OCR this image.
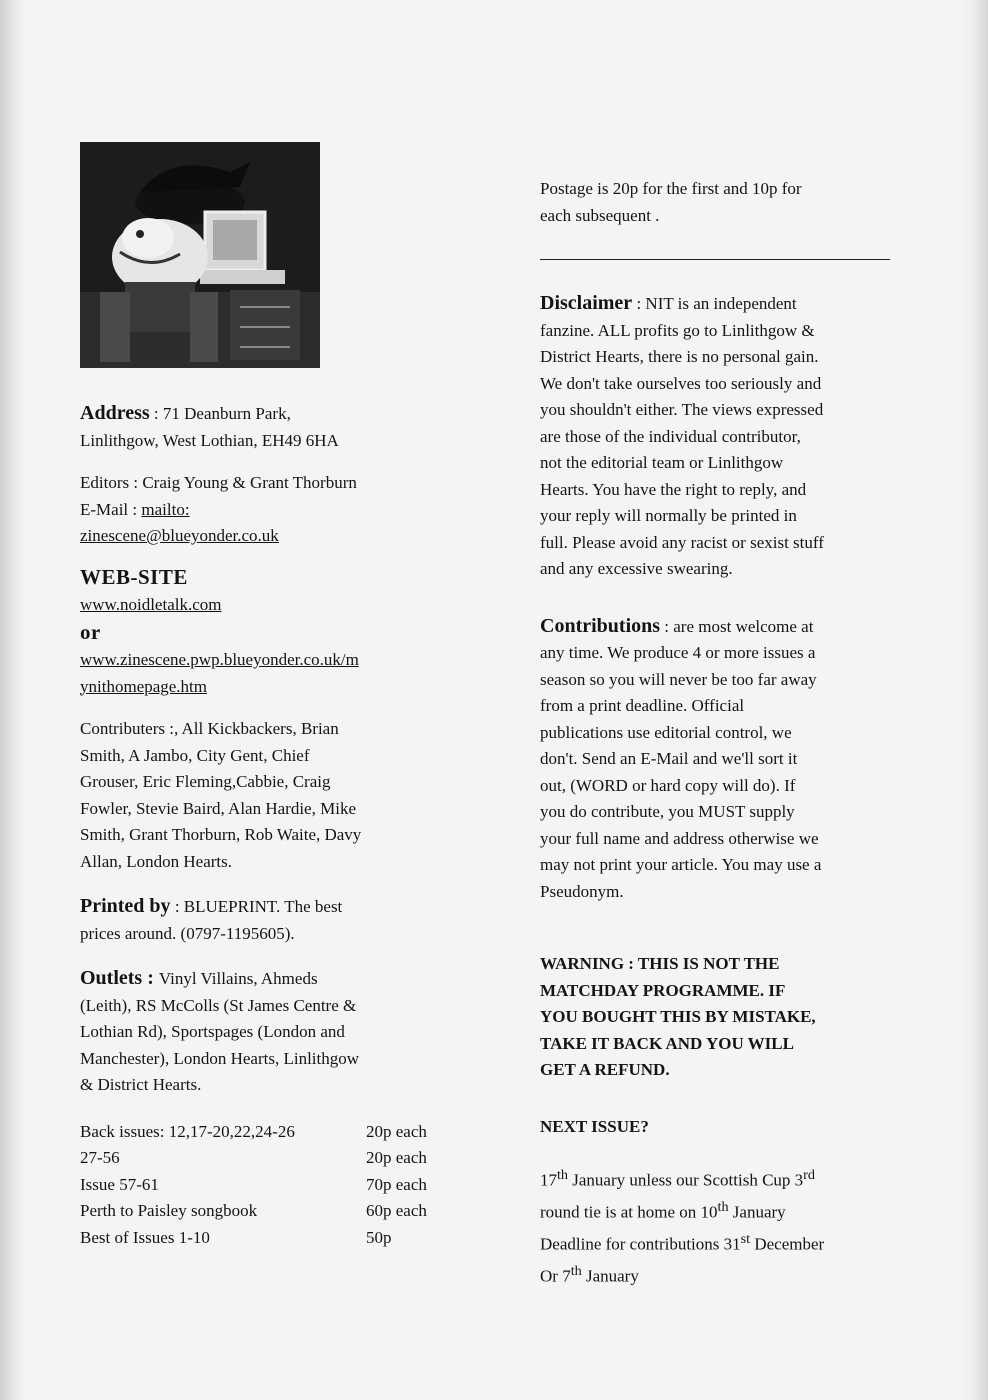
Address : 71 Deanburn Park,
Linlithgow, West Lothian, EH49 6HA

Editors : Craig Young & Grant Thorburn
E-Mail : mailto:
zinescene@blueyonder.co.uk

WEB-SITE
www.noidletalk.com
or
www.zinescene.pwp.blueyonder.co.uk/m
ynithomepage.htm

Contributers :, All Kickbackers, Brian
Smith, A Jambo, City Gent, Chief
Grouser, Eric Fleming,Cabbie, Craig
Fowler, Stevie Baird, Alan Hardie, Mike
Smith, Grant Thorburn, Rob Waite, Davy
Allan, London Hearts.

Printed by : BLUEPRINT. The best
prices around. (0797-1195605).

Outlets : Vinyl Villains, Ahmeds
(Leith), RS McColls (St James Centre &
Lothian Rd), Sportspages (London and
Manchester), London Hearts, Linlithgow
& District Hearts.

Back issues: 12,17-20,22,24-26	20p each
27-56	20p each
Issue 57-61	70p each
Perth to Paisley songbook	60p each
Best of Issues 1-10	50p

Postage is 20p for the first and 10p for
each subsequent .

Disclaimer : NIT is an independent
fanzine. ALL profits go to Linlithgow &
District Hearts, there is no personal gain.
We don't take ourselves too seriously and
you shouldn't either. The views expressed
are those of the individual contributor,
not the editorial team or Linlithgow
Hearts. You have the right to reply, and
your reply will normally be printed in
full. Please avoid any racist or sexist stuff
and any excessive swearing.

Contributions : are most welcome at
any time. We produce 4 or more issues a
season so you will never be too far away
from a print deadline. Official
publications use editorial control, we
don't. Send an E-Mail and we'll sort it
out, (WORD or hard copy will do). If
you do contribute, you MUST supply
your full name and address otherwise we
may not print your article. You may use a
Pseudonym.

WARNING : THIS IS NOT THE
MATCHDAY PROGRAMME. IF
YOU BOUGHT THIS BY MISTAKE,
TAKE IT BACK AND YOU WILL
GET A REFUND.

NEXT ISSUE?

17th January unless our Scottish Cup 3rd
round tie is at home on 10th January
Deadline for contributions 31st December
Or 7th January
